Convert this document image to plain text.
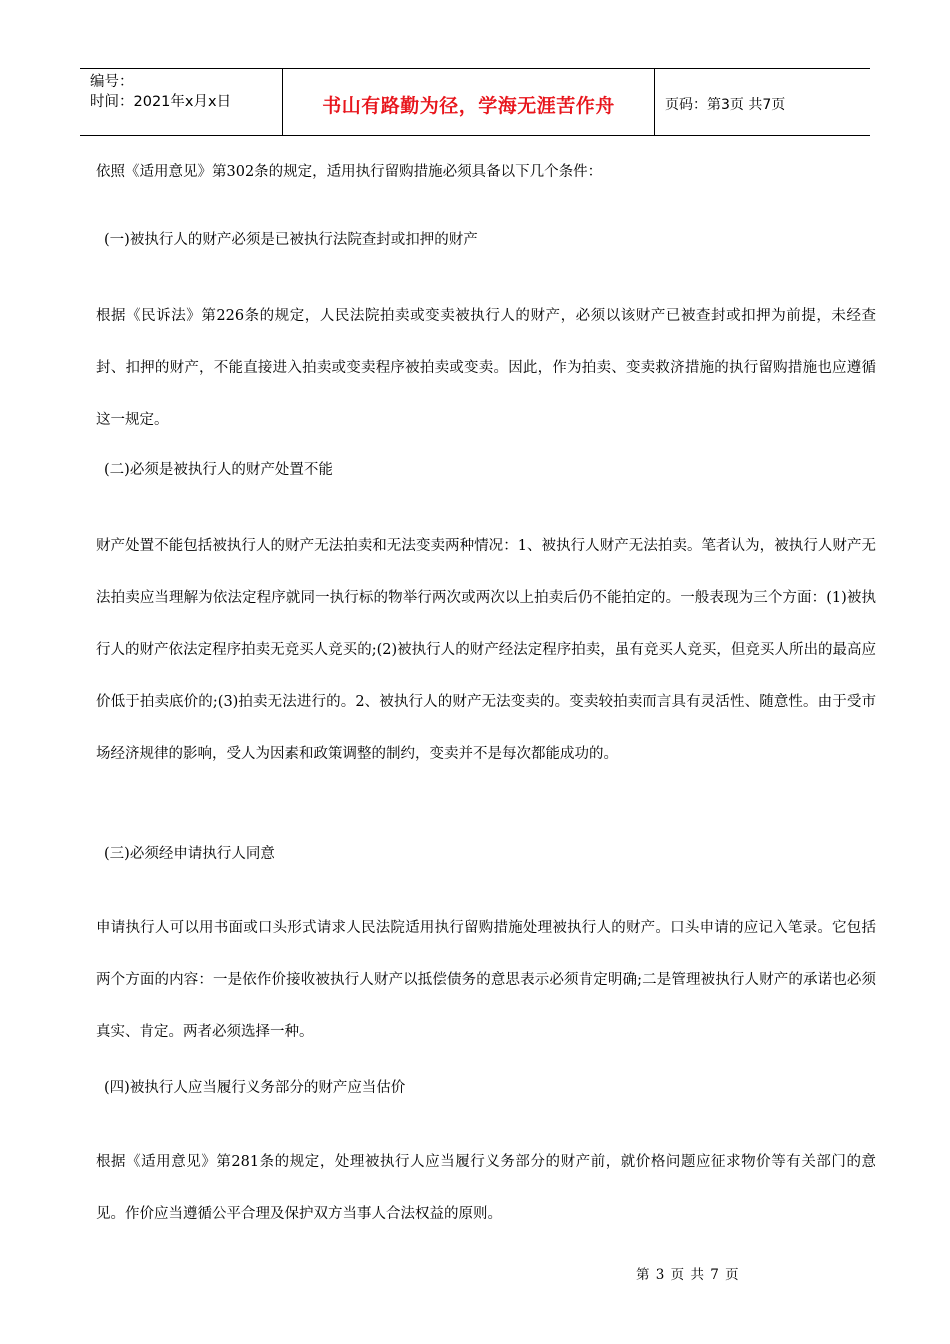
编号：
时间：2021年x月x日	书山有路勤为径，学海无涯苦作舟	页码：第3页 共7页

依照《适用意见》第302条的规定，适用执行留购措施必须具备以下几个条件：

(一)被执行人的财产必须是已被执行法院查封或扣押的财产

根据《民诉法》第226条的规定，人民法院拍卖或变卖被执行人的财产，必须以该财产已被查封或扣押为前提，未经查封、扣押的财产，不能直接进入拍卖或变卖程序被拍卖或变卖。因此，作为拍卖、变卖救济措施的执行留购措施也应遵循这一规定。

(二)必须是被执行人的财产处置不能

财产处置不能包括被执行人的财产无法拍卖和无法变卖两种情况：1、被执行人财产无法拍卖。笔者认为，被执行人财产无法拍卖应当理解为依法定程序就同一执行标的物举行两次或两次以上拍卖后仍不能拍定的。一般表现为三个方面：(1)被执行人的财产依法定程序拍卖无竞买人竞买的;(2)被执行人的财产经法定程序拍卖，虽有竞买人竞买，但竞买人所出的最高应价低于拍卖底价的;(3)拍卖无法进行的。2、被执行人的财产无法变卖的。变卖较拍卖而言具有灵活性、随意性。由于受市场经济规律的影响，受人为因素和政策调整的制约，变卖并不是每次都能成功的。

(三)必须经申请执行人同意

申请执行人可以用书面或口头形式请求人民法院适用执行留购措施处理被执行人的财产。口头申请的应记入笔录。它包括两个方面的内容：一是依作价接收被执行人财产以抵偿债务的意思表示必须肯定明确;二是管理被执行人财产的承诺也必须真实、肯定。两者必须选择一种。

(四)被执行人应当履行义务部分的财产应当估价

根据《适用意见》第281条的规定，处理被执行人应当履行义务部分的财产前，就价格问题应征求物价等有关部门的意见。作价应当遵循公平合理及保护双方当事人合法权益的原则。

第 3 页 共 7 页
